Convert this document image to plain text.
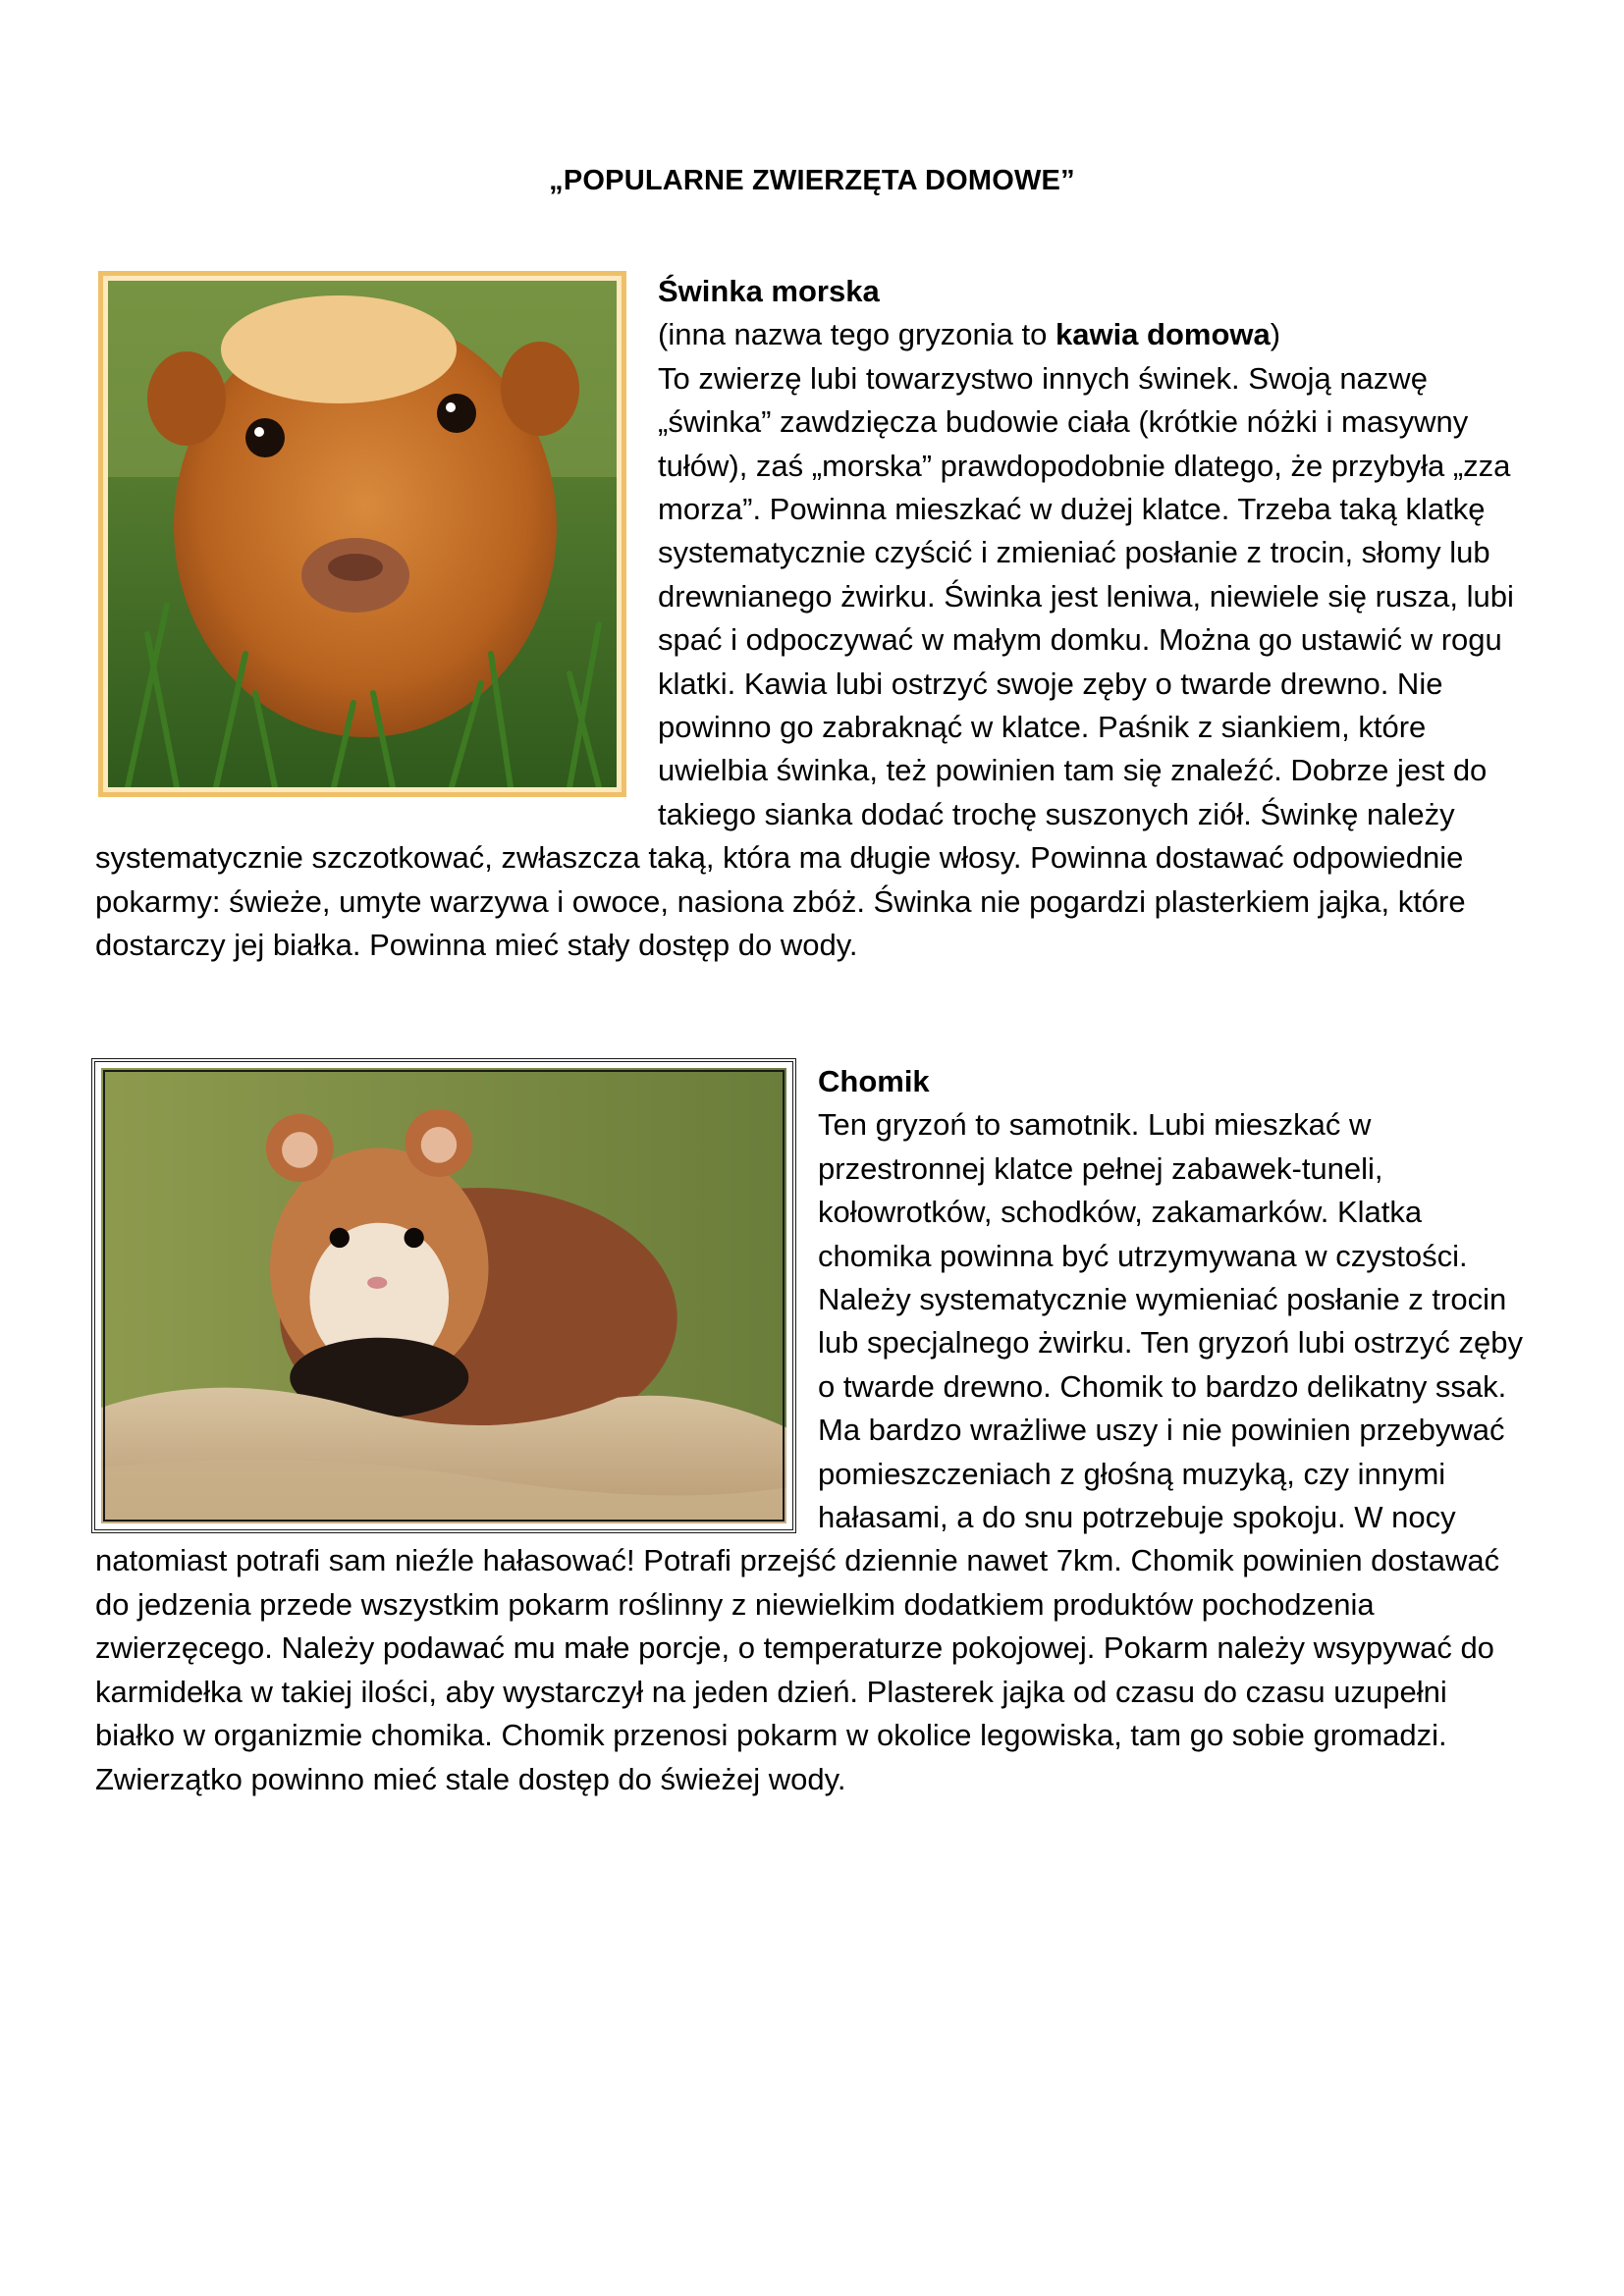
„POPULARNE ZWIERZĘTA DOMOWE”

Świnka morska

(inna nazwa tego gryzonia to kawia domowa)

To zwierzę lubi towarzystwo innych świnek. Swoją nazwę „świnka” zawdzięcza budowie ciała (krótkie nóżki i masywny tułów), zaś „morska” prawdopodobnie dlatego, że przybyła „zza morza”. Powinna mieszkać w dużej klatce. Trzeba taką klatkę systematycznie czyścić i zmieniać posłanie z trocin, słomy lub drewnianego żwirku. Świnka jest leniwa, niewiele się rusza, lubi spać i odpoczywać w małym domku. Można go ustawić w rogu klatki. Kawia lubi ostrzyć swoje zęby o twarde drewno. Nie powinno go zabraknąć w klatce. Paśnik z siankiem, które uwielbia świnka, też powinien tam się znaleźć. Dobrze jest do takiego sianka dodać trochę suszonych ziół. Świnkę należy systematycznie szczotkować, zwłaszcza taką, która ma długie włosy. Powinna dostawać odpowiednie pokarmy: świeże, umyte warzywa i owoce, nasiona zbóż. Świnka nie pogardzi plasterkiem jajka, które dostarczy jej białka. Powinna mieć stały dostęp do wody.

Chomik

Ten gryzoń to samotnik. Lubi mieszkać w przestronnej klatce pełnej zabawek-tuneli, kołowrotków, schodków, zakamarków. Klatka chomika powinna być utrzymywana w czystości. Należy systematycznie wymieniać posłanie z trocin lub specjalnego żwirku. Ten gryzoń lubi ostrzyć zęby o twarde drewno. Chomik to bardzo delikatny ssak. Ma bardzo wrażliwe uszy i nie powinien przebywać pomieszczeniach z głośną muzyką, czy innymi hałasami, a do snu potrzebuje spokoju. W nocy natomiast potrafi sam nieźle hałasować! Potrafi przejść dziennie nawet 7km. Chomik powinien dostawać do jedzenia przede wszystkim pokarm roślinny z niewielkim dodatkiem produktów pochodzenia zwierzęcego. Należy podawać mu małe porcje, o temperaturze pokojowej. Pokarm należy wsypywać do karmidełka w takiej ilości, aby wystarczył na jeden dzień. Plasterek jajka od czasu do czasu uzupełni białko w organizmie chomika. Chomik przenosi pokarm w okolice legowiska, tam go sobie gromadzi. Zwierzątko powinno mieć stale dostęp do świeżej wody.
